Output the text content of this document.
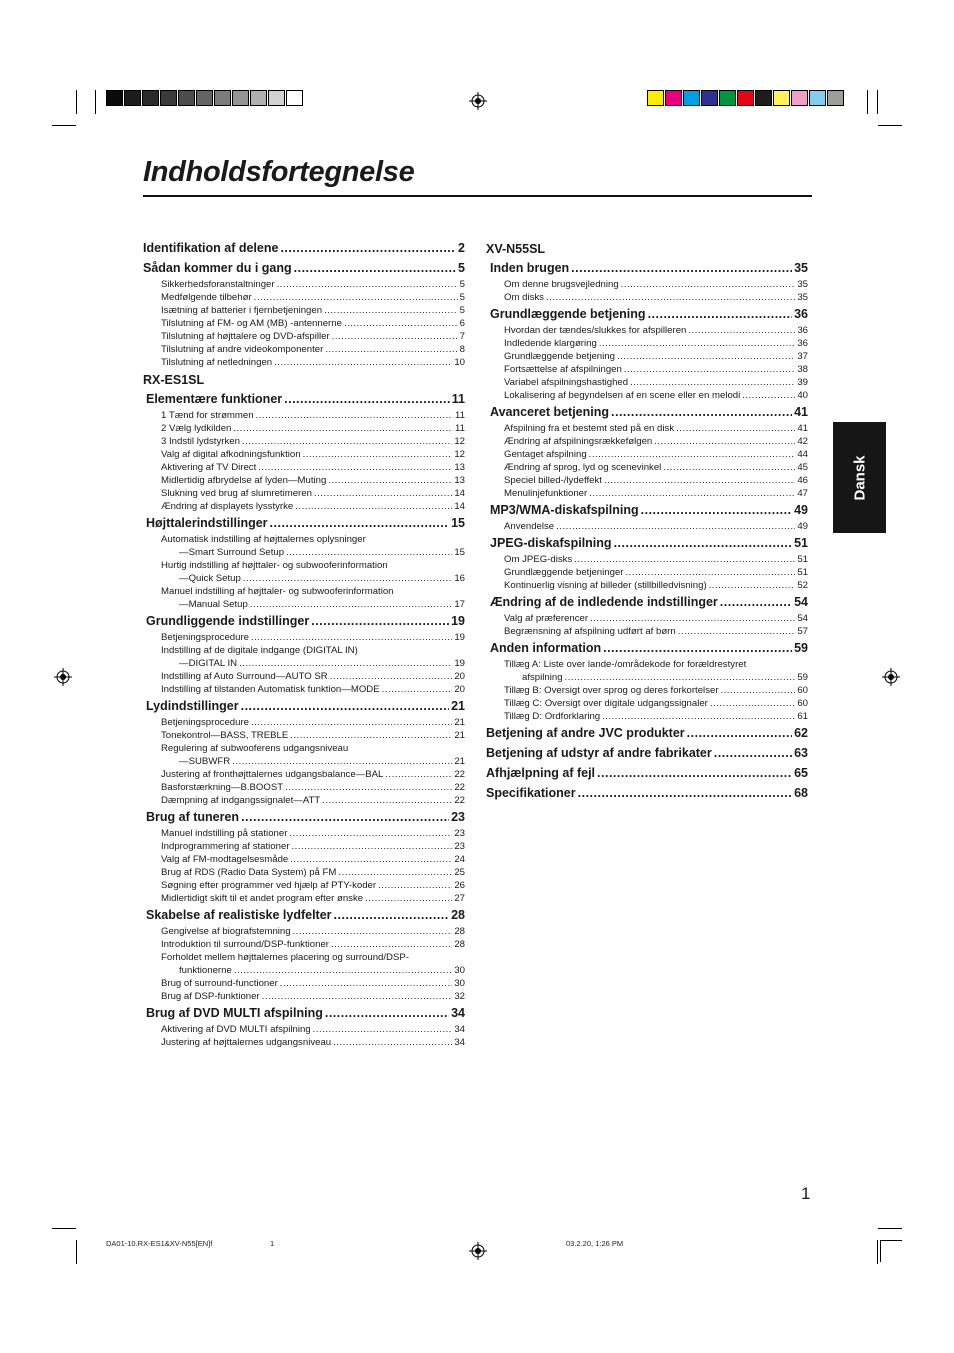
Indholdsfortegnelse
Dansk
Identifikation af delene .....	2
Sådan kommer du i gang .....	5
Sikkerhedsforanstaltninger .....	5
Medfølgende tilbehør .....	5
Isætning af batterier i fjernbetjeningen .....	5
Tilslutning af FM- og AM (MB) -antennerne .....	6
Tilslutning af højttalere og DVD-afspiller .....	7
Tilslutning af andre videokomponenter .....	8
Tilslutning af netledningen .....	10
RX-ES1SL
Elementære funktioner .....	11
1 Tænd for strømmen .....	11
2 Vælg lydkilden .....	11
3 Indstil lydstyrken .....	12
Valg af digital afkodningsfunktion .....	12
Aktivering af TV Direct .....	13
Midlertidig afbrydelse af lyden—Muting .....	13
Slukning ved brug af slumretimeren .....	14
Ændring af displayets lysstyrke .....	14
Højttalerindstillinger .....	15
Automatisk indstilling af højttalernes oplysninger
—Smart Surround Setup .....	15
Hurtig indstilling af højttaler- og subwooferinformation
—Quick Setup .....	16
Manuel indstilling af højttaler- og subwooferinformation
—Manual Setup .....	17
Grundliggende indstillinger .....	19
Betjeningsprocedure .....	19
Indstilling af de digitale indgange (DIGITAL IN)
—DIGITAL IN .....	19
Indstilling af Auto Surround—AUTO SR .....	20
Indstilling af tilstanden Automatisk funktion—MODE .....	20
Lydindstillinger .....	21
Betjeningsprocedure .....	21
Tonekontrol—BASS, TREBLE .....	21
Regulering af subwooferens udgangsniveau
—SUBWFR .....	21
Justering af fronthøjttalernes udgangsbalance—BAL .....	22
Basforstærkning—B.BOOST .....	22
Dæmpning af indgangssignalet—ATT .....	22
Brug af tuneren .....	23
Manuel indstilling på stationer .....	23
Indprogrammering af stationer .....	23
Valg af FM-modtagelsesmåde .....	24
Brug af RDS (Radio Data System) på FM .....	25
Søgning efter programmer ved hjælp af PTY-koder .....	26
Midlertidigt skift til et andet program efter ønske .....	27
Skabelse af realistiske lydfelter .....	28
Gengivelse af biografstemning .....	28
Introduktion til surround/DSP-funktioner .....	28
Forholdet mellem højttalernes placering og surround/DSP-
funktionerne .....	30
Brug of surround-functioner .....	30
Brug af DSP-funktioner .....	32
Brug af DVD MULTI afspilning .....	34
Aktivering af DVD MULTI afspilning .....	34
Justering af højttalernes udgangsniveau .....	34
XV-N55SL
Inden brugen .....	35
Om denne brugsvejledning .....	35
Om disks .....	35
Grundlæggende betjening .....	36
Hvordan der tændes/slukkes for afspilleren .....	36
Indledende klargøring .....	36
Grundlæggende betjening .....	37
Fortsættelse af afspilningen .....	38
Variabel afspilningshastighed .....	39
Lokalisering af begyndelsen af en scene eller en melodi .....	40
Avanceret betjening .....	41
Afspilning fra et bestemt sted på en disk .....	41
Ændring af afspilningsrækkefølgen .....	42
Gentaget afspilning .....	44
Ændring af sprog, lyd og scenevinkel .....	45
Speciel billed-/lydeffekt .....	46
Menulinjefunktioner .....	47
MP3/WMA-diskafspilning .....	49
Anvendelse .....	49
JPEG-diskafspilning .....	51
Om JPEG-disks .....	51
Grundlæggende betjeninger .....	51
Kontinuerlig visning af billeder (stillbilledvisning) .....	52
Ændring af de indledende indstillinger .....	54
Valg af præferencer .....	54
Begrænsning af afspilning udført af børn .....	57
Anden information .....	59
Tillæg A: Liste over lande-/områdekode for forældrestyret
afspilning .....	59
Tillæg B: Oversigt over sprog og deres forkortelser .....	60
Tillæg C: Oversigt over digitale udgangssignaler .....	60
Tillæg D: Ordforklaring .....	61
Betjening af andre JVC produkter .....	62
Betjening af udstyr af andre fabrikater .....	63
Afhjælpning af fejl .....	65
Specifikationer .....	68
1
DA01-10.RX-ES1&XV-N55[EN]f	1	03.2.20, 1:26 PM
